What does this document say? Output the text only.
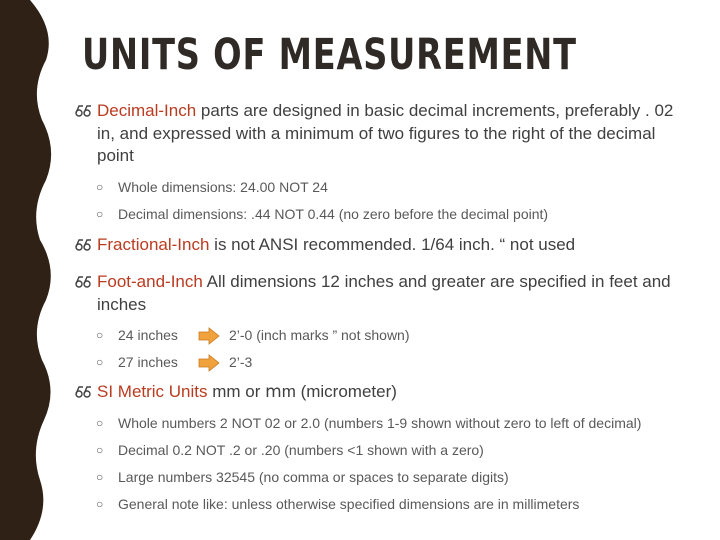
UNITS OF MEASUREMENT
Decimal-Inch parts are designed in basic decimal increments, preferably . 02 in, and expressed with a minimum of two figures to the right of the decimal point
○ Whole dimensions: 24.00 NOT 24
○ Decimal dimensions: .44 NOT 0.44 (no zero before the decimal point)
Fractional-Inch is not ANSI recommended. 1/64 inch. “ not used
Foot-and-Inch All dimensions 12 inches and greater are specified in feet and inches
○ 24 inches	2’-0 (inch marks ” not shown)
○ 27 inches	2’-3
SI Metric Units mm or mm (micrometer)
○ Whole numbers 2 NOT 02 or 2.0 (numbers 1-9 shown without zero to left of decimal)
○ Decimal 0.2 NOT .2 or .20 (numbers <1 shown with a zero)
○ Large numbers 32545 (no comma or spaces to separate digits)
○ General note like: unless otherwise specified dimensions are in millimeters
